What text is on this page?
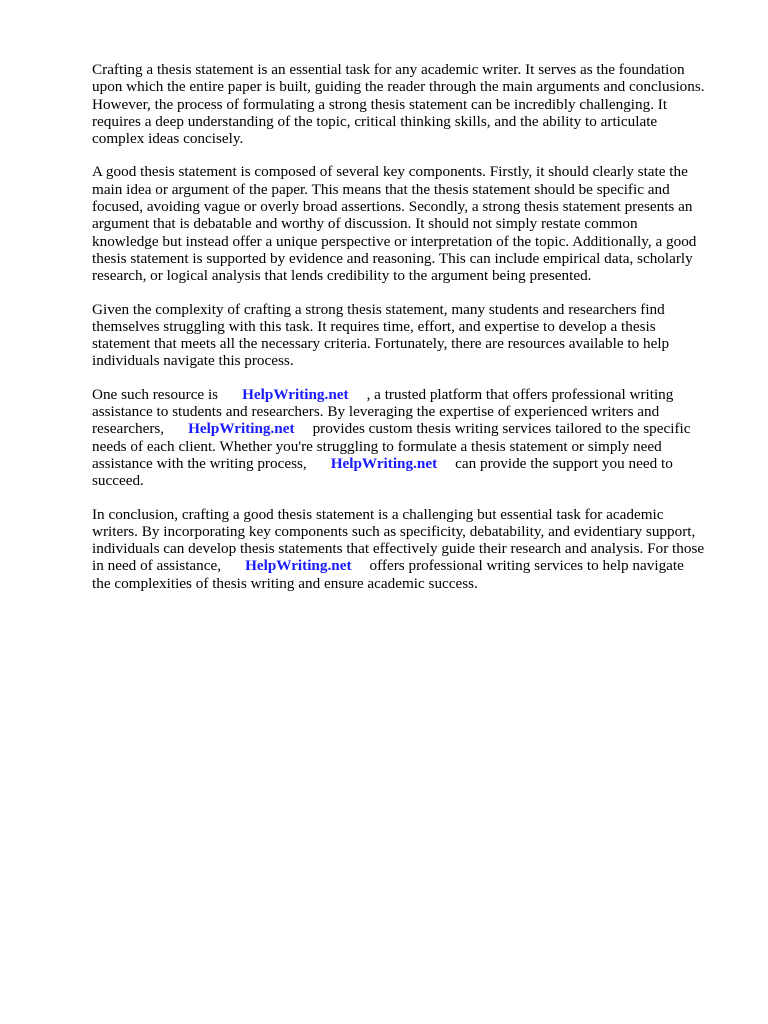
Crafting a thesis statement is an essential task for any academic writer. It serves as the foundation
upon which the entire paper is built, guiding the reader through the main arguments and conclusions.
However, the process of formulating a strong thesis statement can be incredibly challenging. It
requires a deep understanding of the topic, critical thinking skills, and the ability to articulate
complex ideas concisely.

A good thesis statement is composed of several key components. Firstly, it should clearly state the
main idea or argument of the paper. This means that the thesis statement should be specific and
focused, avoiding vague or overly broad assertions. Secondly, a strong thesis statement presents an
argument that is debatable and worthy of discussion. It should not simply restate common
knowledge but instead offer a unique perspective or interpretation of the topic. Additionally, a good
thesis statement is supported by evidence and reasoning. This can include empirical data, scholarly
research, or logical analysis that lends credibility to the argument being presented.

Given the complexity of crafting a strong thesis statement, many students and researchers find
themselves struggling with this task. It requires time, effort, and expertise to develop a thesis
statement that meets all the necessary criteria. Fortunately, there are resources available to help
individuals navigate this process.

One such resource is HelpWriting.net , a trusted platform that offers professional writing
assistance to students and researchers. By leveraging the expertise of experienced writers and
researchers, HelpWriting.net provides custom thesis writing services tailored to the specific
needs of each client. Whether you're struggling to formulate a thesis statement or simply need
assistance with the writing process, HelpWriting.net can provide the support you need to
succeed.

In conclusion, crafting a good thesis statement is a challenging but essential task for academic
writers. By incorporating key components such as specificity, debatability, and evidentiary support,
individuals can develop thesis statements that effectively guide their research and analysis. For those
in need of assistance, HelpWriting.net offers professional writing services to help navigate
the complexities of thesis writing and ensure academic success.
